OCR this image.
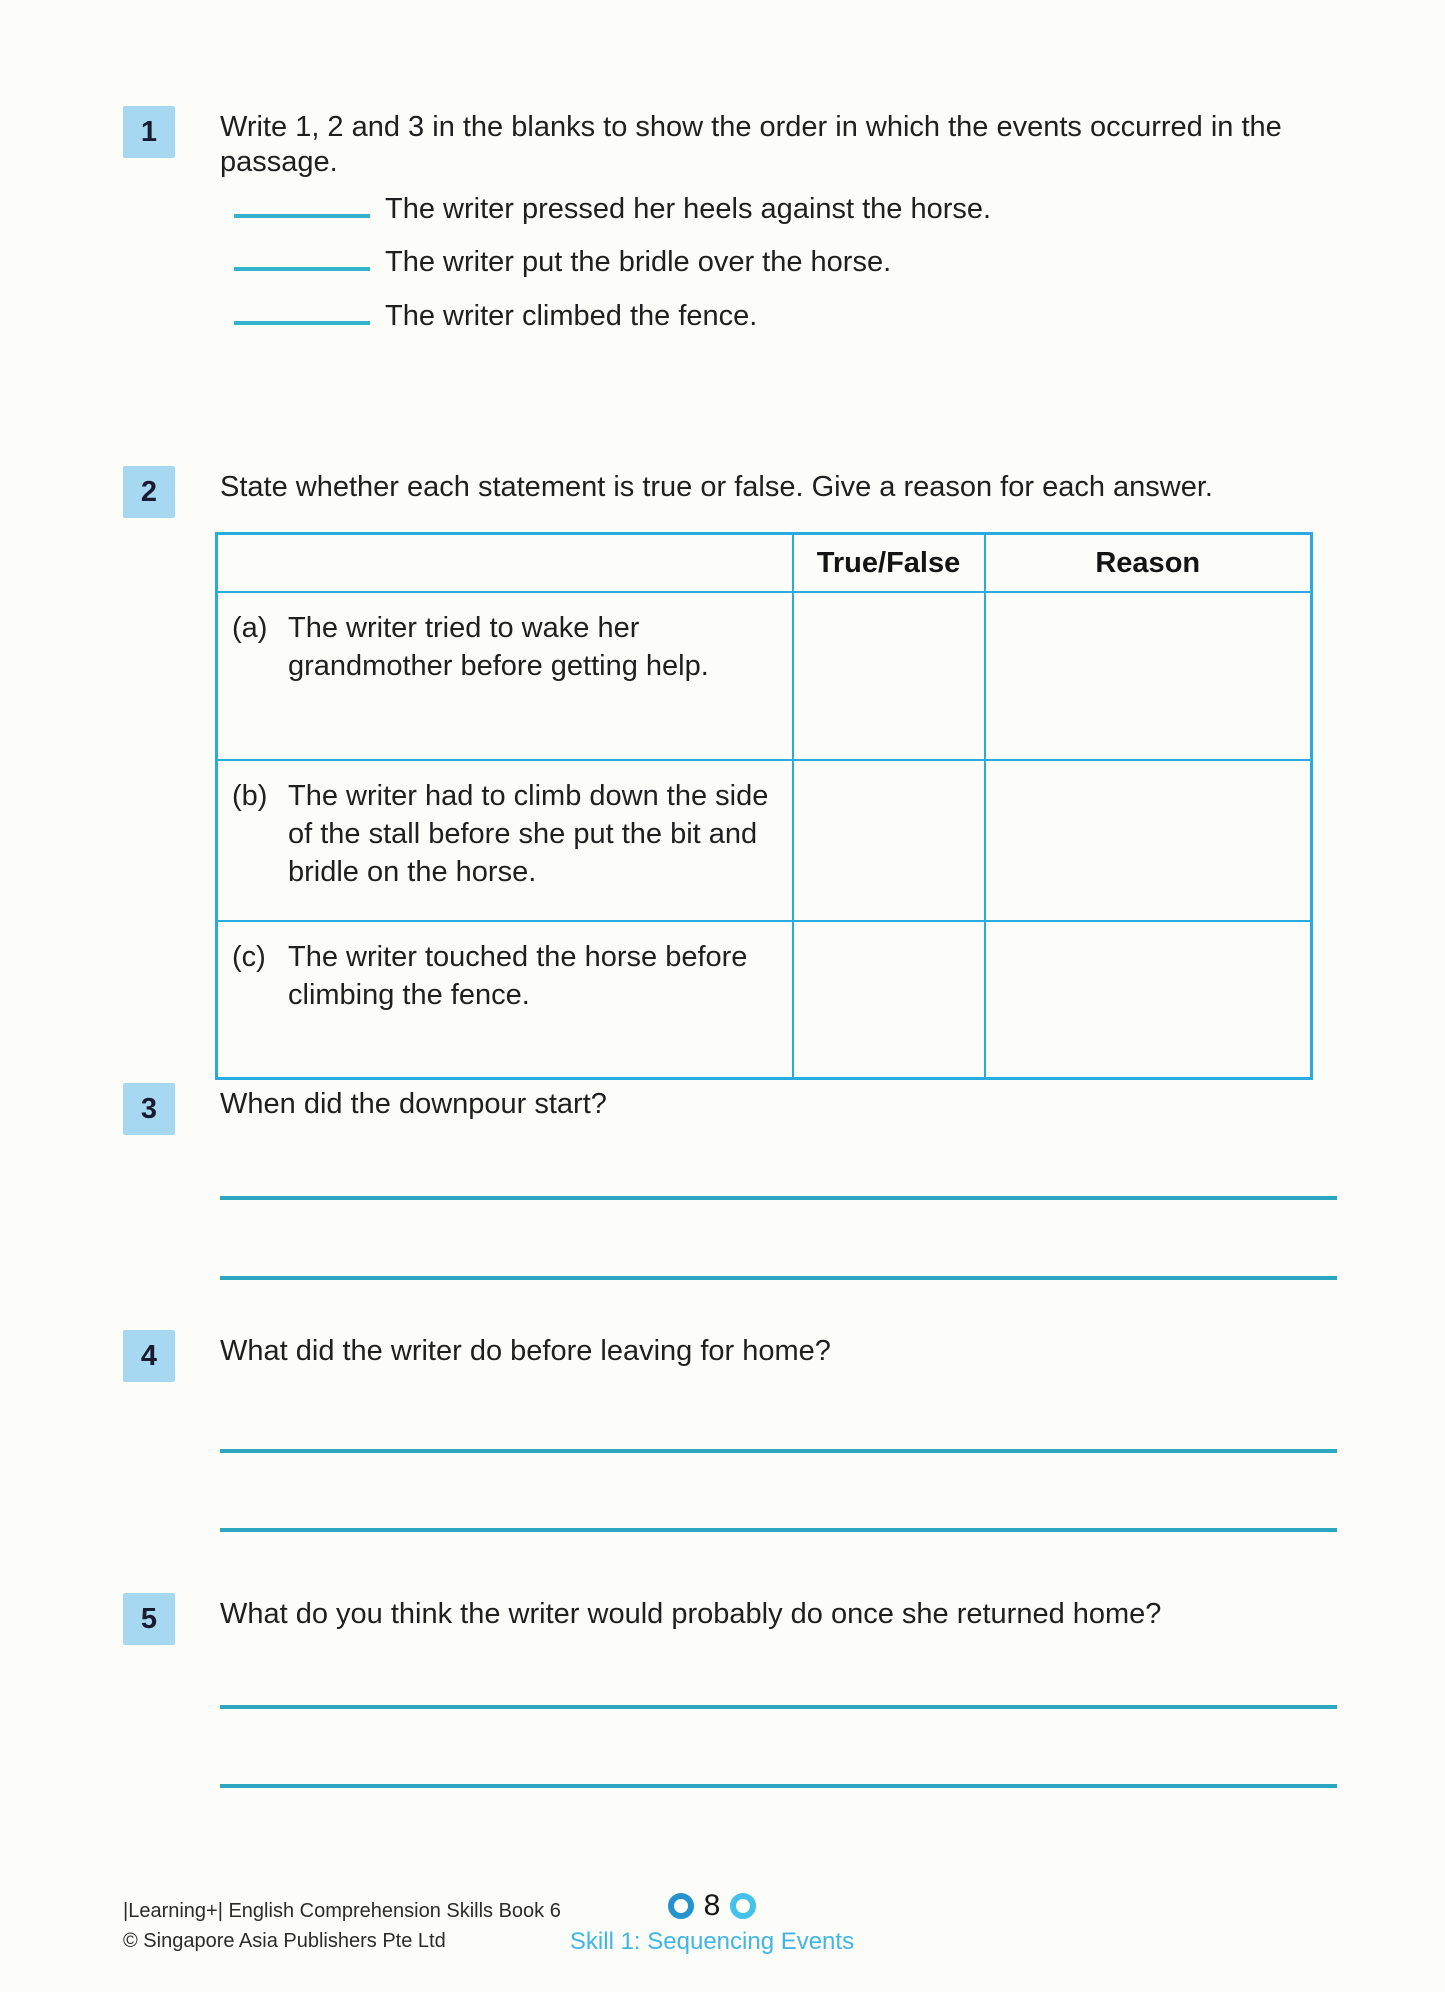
1	Write 1, 2 and 3 in the blanks to show the order in which the events occurred in the passage.

The writer pressed her heels against the horse.
The writer put the bridle over the horse.
The writer climbed the fence.
2	State whether each statement is true or false. Give a reason for each answer.

	True/False	Reason

(a) The writer tried to wake her grandmother before getting help.		

(b) The writer had to climb down the side of the stall before she put the bit and bridle on the horse.		

(c) The writer touched the horse before climbing the fence.		

3	When did the downpour start?

4	What did the writer do before leaving for home?

5	What do you think the writer would probably do once she returned home?

|Learning+| English Comprehension Skills Book 6
© Singapore Asia Publishers Pte Ltd
8
Skill 1: Sequencing Events
